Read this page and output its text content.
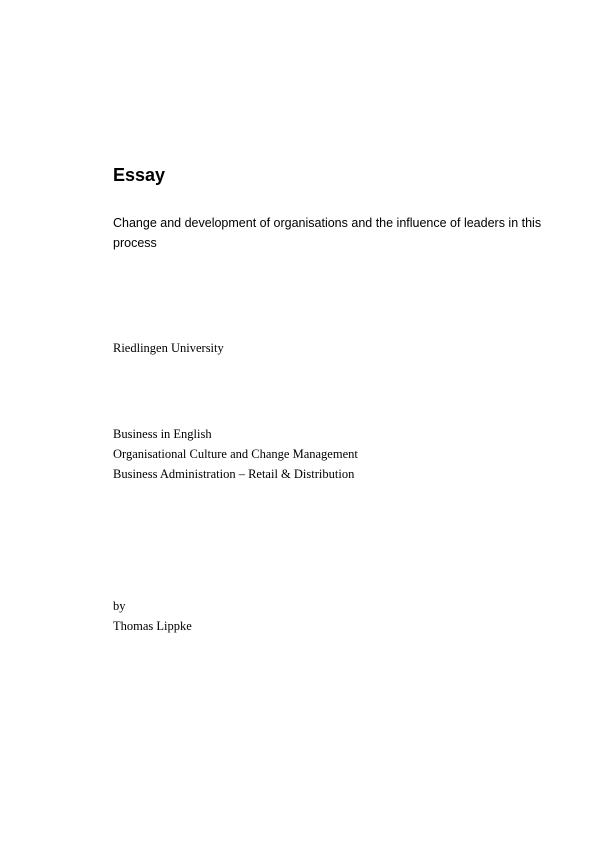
Essay

Change and development of organisations and the influence of leaders in this process

Riedlingen University

Business in English

Organisational Culture and Change Management

Business Administration – Retail & Distribution

by

Thomas Lippke
